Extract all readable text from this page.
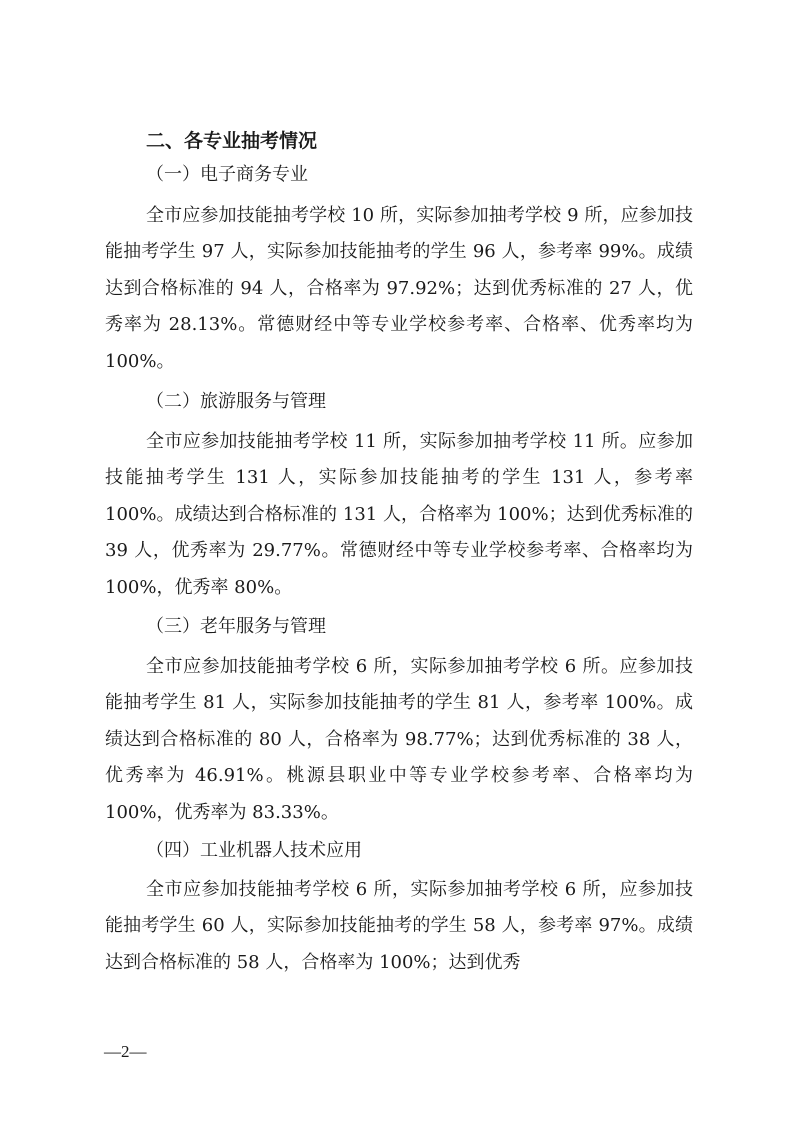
二、各专业抽考情况
（一）电子商务专业

全市应参加技能抽考学校 10 所，实际参加抽考学校 9 所，应参加技能抽考学生 97 人，实际参加技能抽考的学生 96 人，参考率 99%。成绩达到合格标准的 94 人，合格率为 97.92%；达到优秀标准的 27 人，优秀率为 28.13%。常德财经中等专业学校参考率、合格率、优秀率均为 100%。

（二）旅游服务与管理

全市应参加技能抽考学校 11 所，实际参加抽考学校 11 所。应参加技能抽考学生 131 人，实际参加技能抽考的学生 131 人，参考率 100%。成绩达到合格标准的 131 人，合格率为 100%；达到优秀标准的 39 人，优秀率为 29.77%。常德财经中等专业学校参考率、合格率均为 100%，优秀率 80%。

（三）老年服务与管理

全市应参加技能抽考学校 6 所，实际参加抽考学校 6 所。应参加技能抽考学生 81 人，实际参加技能抽考的学生 81 人，参考率 100%。成绩达到合格标准的 80 人，合格率为 98.77%；达到优秀标准的 38 人，优秀率为 46.91%。桃源县职业中等专业学校参考率、合格率均为 100%，优秀率为 83.33%。

（四）工业机器人技术应用

全市应参加技能抽考学校 6 所，实际参加抽考学校 6 所，应参加技能抽考学生 60 人，实际参加技能抽考的学生 58 人，参考率 97%。成绩达到合格标准的 58 人，合格率为 100%；达到优秀

—2—
